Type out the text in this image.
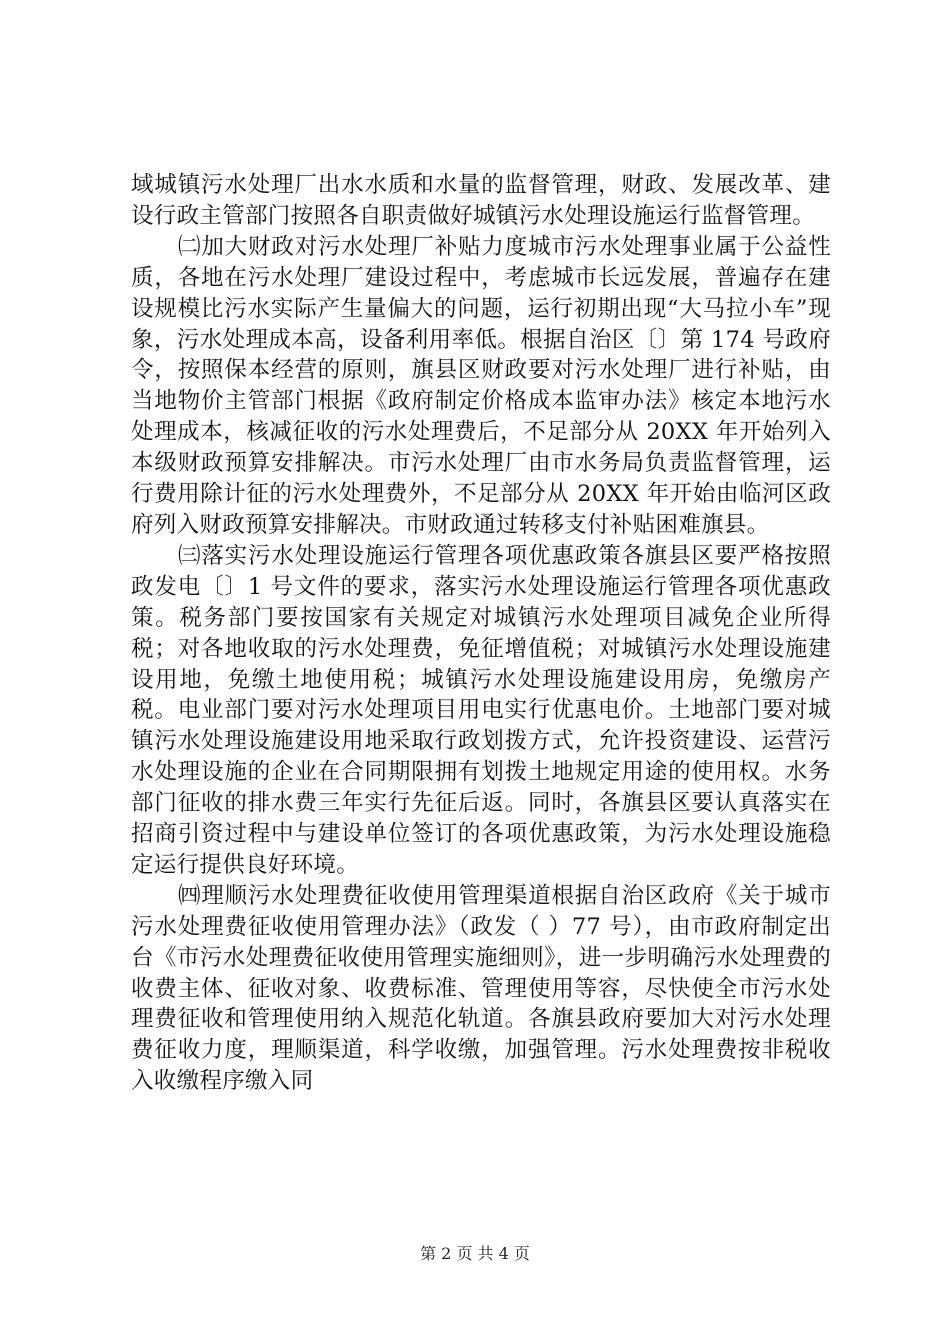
域城镇污水处理厂出水水质和水量的监督管理，财政、发展改革、建设行政主管部门按照各自职责做好城镇污水处理设施运行监督管理。

㈡加大财政对污水处理厂补贴力度城市污水处理事业属于公益性质，各地在污水处理厂建设过程中，考虑城市长远发展，普遍存在建设规模比污水实际产生量偏大的问题，运行初期出现“大马拉小车”现象，污水处理成本高，设备利用率低。根据自治区〔〕第 174 号政府令，按照保本经营的原则，旗县区财政要对污水处理厂进行补贴，由当地物价主管部门根据《政府制定价格成本监审办法》核定本地污水处理成本，核减征收的污水处理费后，不足部分从 20XX 年开始列入本级财政预算安排解决。市污水处理厂由市水务局负责监督管理，运行费用除计征的污水处理费外，不足部分从 20XX 年开始由临河区政府列入财政预算安排解决。市财政通过转移支付补贴困难旗县。

㈢落实污水处理设施运行管理各项优惠政策各旗县区要严格按照政发电〔〕1 号文件的要求，落实污水处理设施运行管理各项优惠政策。税务部门要按国家有关规定对城镇污水处理项目减免企业所得税；对各地收取的污水处理费，免征增值税；对城镇污水处理设施建设用地，免缴土地使用税；城镇污水处理设施建设用房，免缴房产税。电业部门要对污水处理项目用电实行优惠电价。土地部门要对城镇污水处理设施建设用地采取行政划拨方式，允许投资建设、运营污水处理设施的企业在合同期限拥有划拨土地规定用途的使用权。水务部门征收的排水费三年实行先征后返。同时，各旗县区要认真落实在招商引资过程中与建设单位签订的各项优惠政策，为污水处理设施稳定运行提供良好环境。

㈣理顺污水处理费征收使用管理渠道根据自治区政府《关于城市污水处理费征收使用管理办法》（政发（ ）77 号），由市政府制定出台《市污水处理费征收使用管理实施细则》，进一步明确污水处理费的收费主体、征收对象、收费标准、管理使用等容，尽快使全市污水处理费征收和管理使用纳入规范化轨道。各旗县政府要加大对污水处理费征收力度，理顺渠道，科学收缴，加强管理。污水处理费按非税收入收缴程序缴入同

第 2 页 共 4 页
